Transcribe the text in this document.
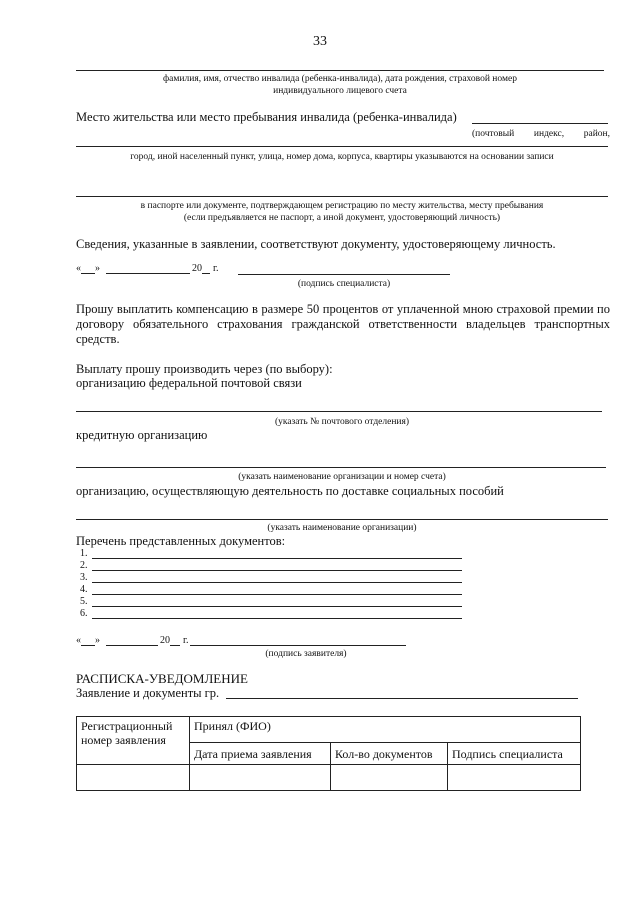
33
фамилия, имя, отчество инвалида (ребенка-инвалида), дата рождения, страховой номер
индивидуального лицевого счета
Место жительства или место пребывания инвалида (ребенка-инвалида)
(почтовый индекс, район,
город, иной населенный пункт, улица, номер дома, корпуса, квартиры указываются на основании записи
в паспорте или документе, подтверждающем регистрацию по месту жительства, месту пребывания
(если предъявляется не паспорт, а иной документ, удостоверяющий личность)
Сведения, указанные в заявлении, соответствуют документу, удостоверяющему личность.
« »	20 г.
(подпись специалиста)
Прошу выплатить компенсацию в размере 50 процентов от уплаченной мною страховой премии по договору обязательного страхования гражданской ответственности владельцев транспортных средств.
Выплату прошу производить через (по выбору):
организацию федеральной почтовой связи
(указать № почтового отделения)
кредитную организацию
(указать наименование организации и номер счета)
организацию, осуществляющую деятельность по доставке социальных пособий
(указать наименование организации)
Перечень представленных документов:
1.
2.
3.
4.
5.
6.
« »	20 г.
(подпись заявителя)
РАСПИСКА-УВЕДОМЛЕНИЕ
Заявление и документы гр.
Регистрационный номер заявления	Принял (ФИО)		
	Дата приема заявления	Кол-во документов	Подпись специалиста
